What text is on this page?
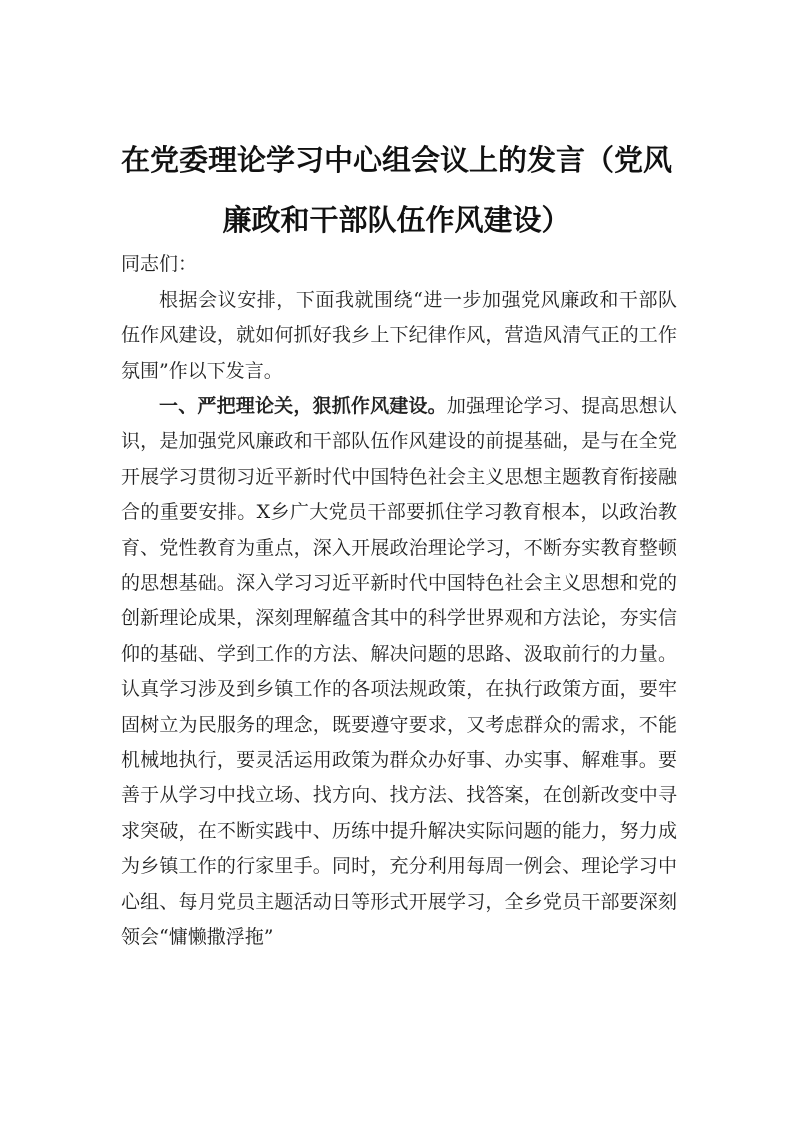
在党委理论学习中心组会议上的发言（党风
廉政和干部队伍作风建设）

同志们：

根据会议安排，下面我就围绕“进一步加强党风廉政和干部队伍作风建设，就如何抓好我乡上下纪律作风，营造风清气正的工作氛围”作以下发言。

一、严把理论关，狠抓作风建设。加强理论学习、提高思想认识，是加强党风廉政和干部队伍作风建设的前提基础，是与在全党开展学习贯彻习近平新时代中国特色社会主义思想主题教育衔接融合的重要安排。X乡广大党员干部要抓住学习教育根本，以政治教育、党性教育为重点，深入开展政治理论学习，不断夯实教育整顿的思想基础。深入学习习近平新时代中国特色社会主义思想和党的创新理论成果，深刻理解蕴含其中的科学世界观和方法论，夯实信仰的基础、学到工作的方法、解决问题的思路、汲取前行的力量。认真学习涉及到乡镇工作的各项法规政策，在执行政策方面，要牢固树立为民服务的理念，既要遵守要求，又考虑群众的需求，不能机械地执行，要灵活运用政策为群众办好事、办实事、解难事。要善于从学习中找立场、找方向、找方法、找答案，在创新改变中寻求突破，在不断实践中、历练中提升解决实际问题的能力，努力成为乡镇工作的行家里手。同时，充分利用每周一例会、理论学习中心组、每月党员主题活动日等形式开展学习，全乡党员干部要深刻领会“慵懒撒浮拖”
